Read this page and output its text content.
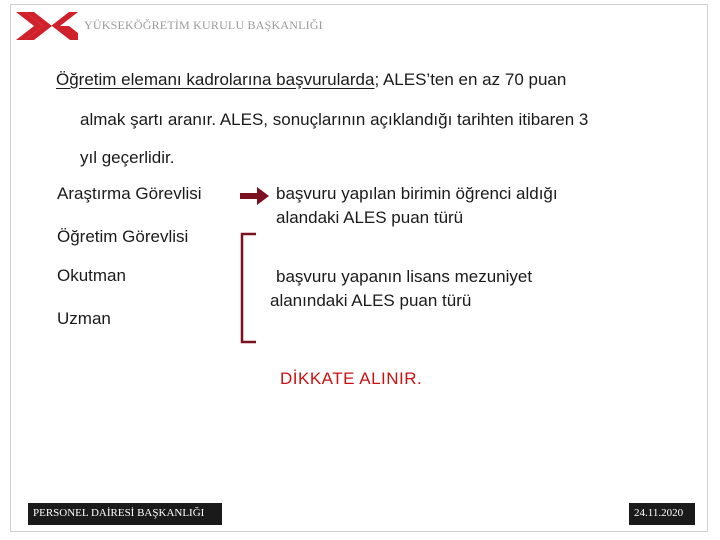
YÜKSEKÖĞRETİM KURULU BAŞKANLIĞI
Öğretim elemanı kadrolarına başvurularda; ALES’ten en az 70 puan
almak şartı aranır. ALES, sonuçlarının açıklandığı tarihten itibaren 3
yıl geçerlidir.
Araştırma Görevlisi
Öğretim Görevlisi
Okutman
Uzman
başvuru yapılan birimin öğrenci aldığı
alandaki ALES puan türü
başvuru yapanın lisans mezuniyet
alanındaki ALES puan türü
DİKKATE ALINIR.
PERSONEL DAİRESİ BAŞKANLIĞI	24.11.2020
